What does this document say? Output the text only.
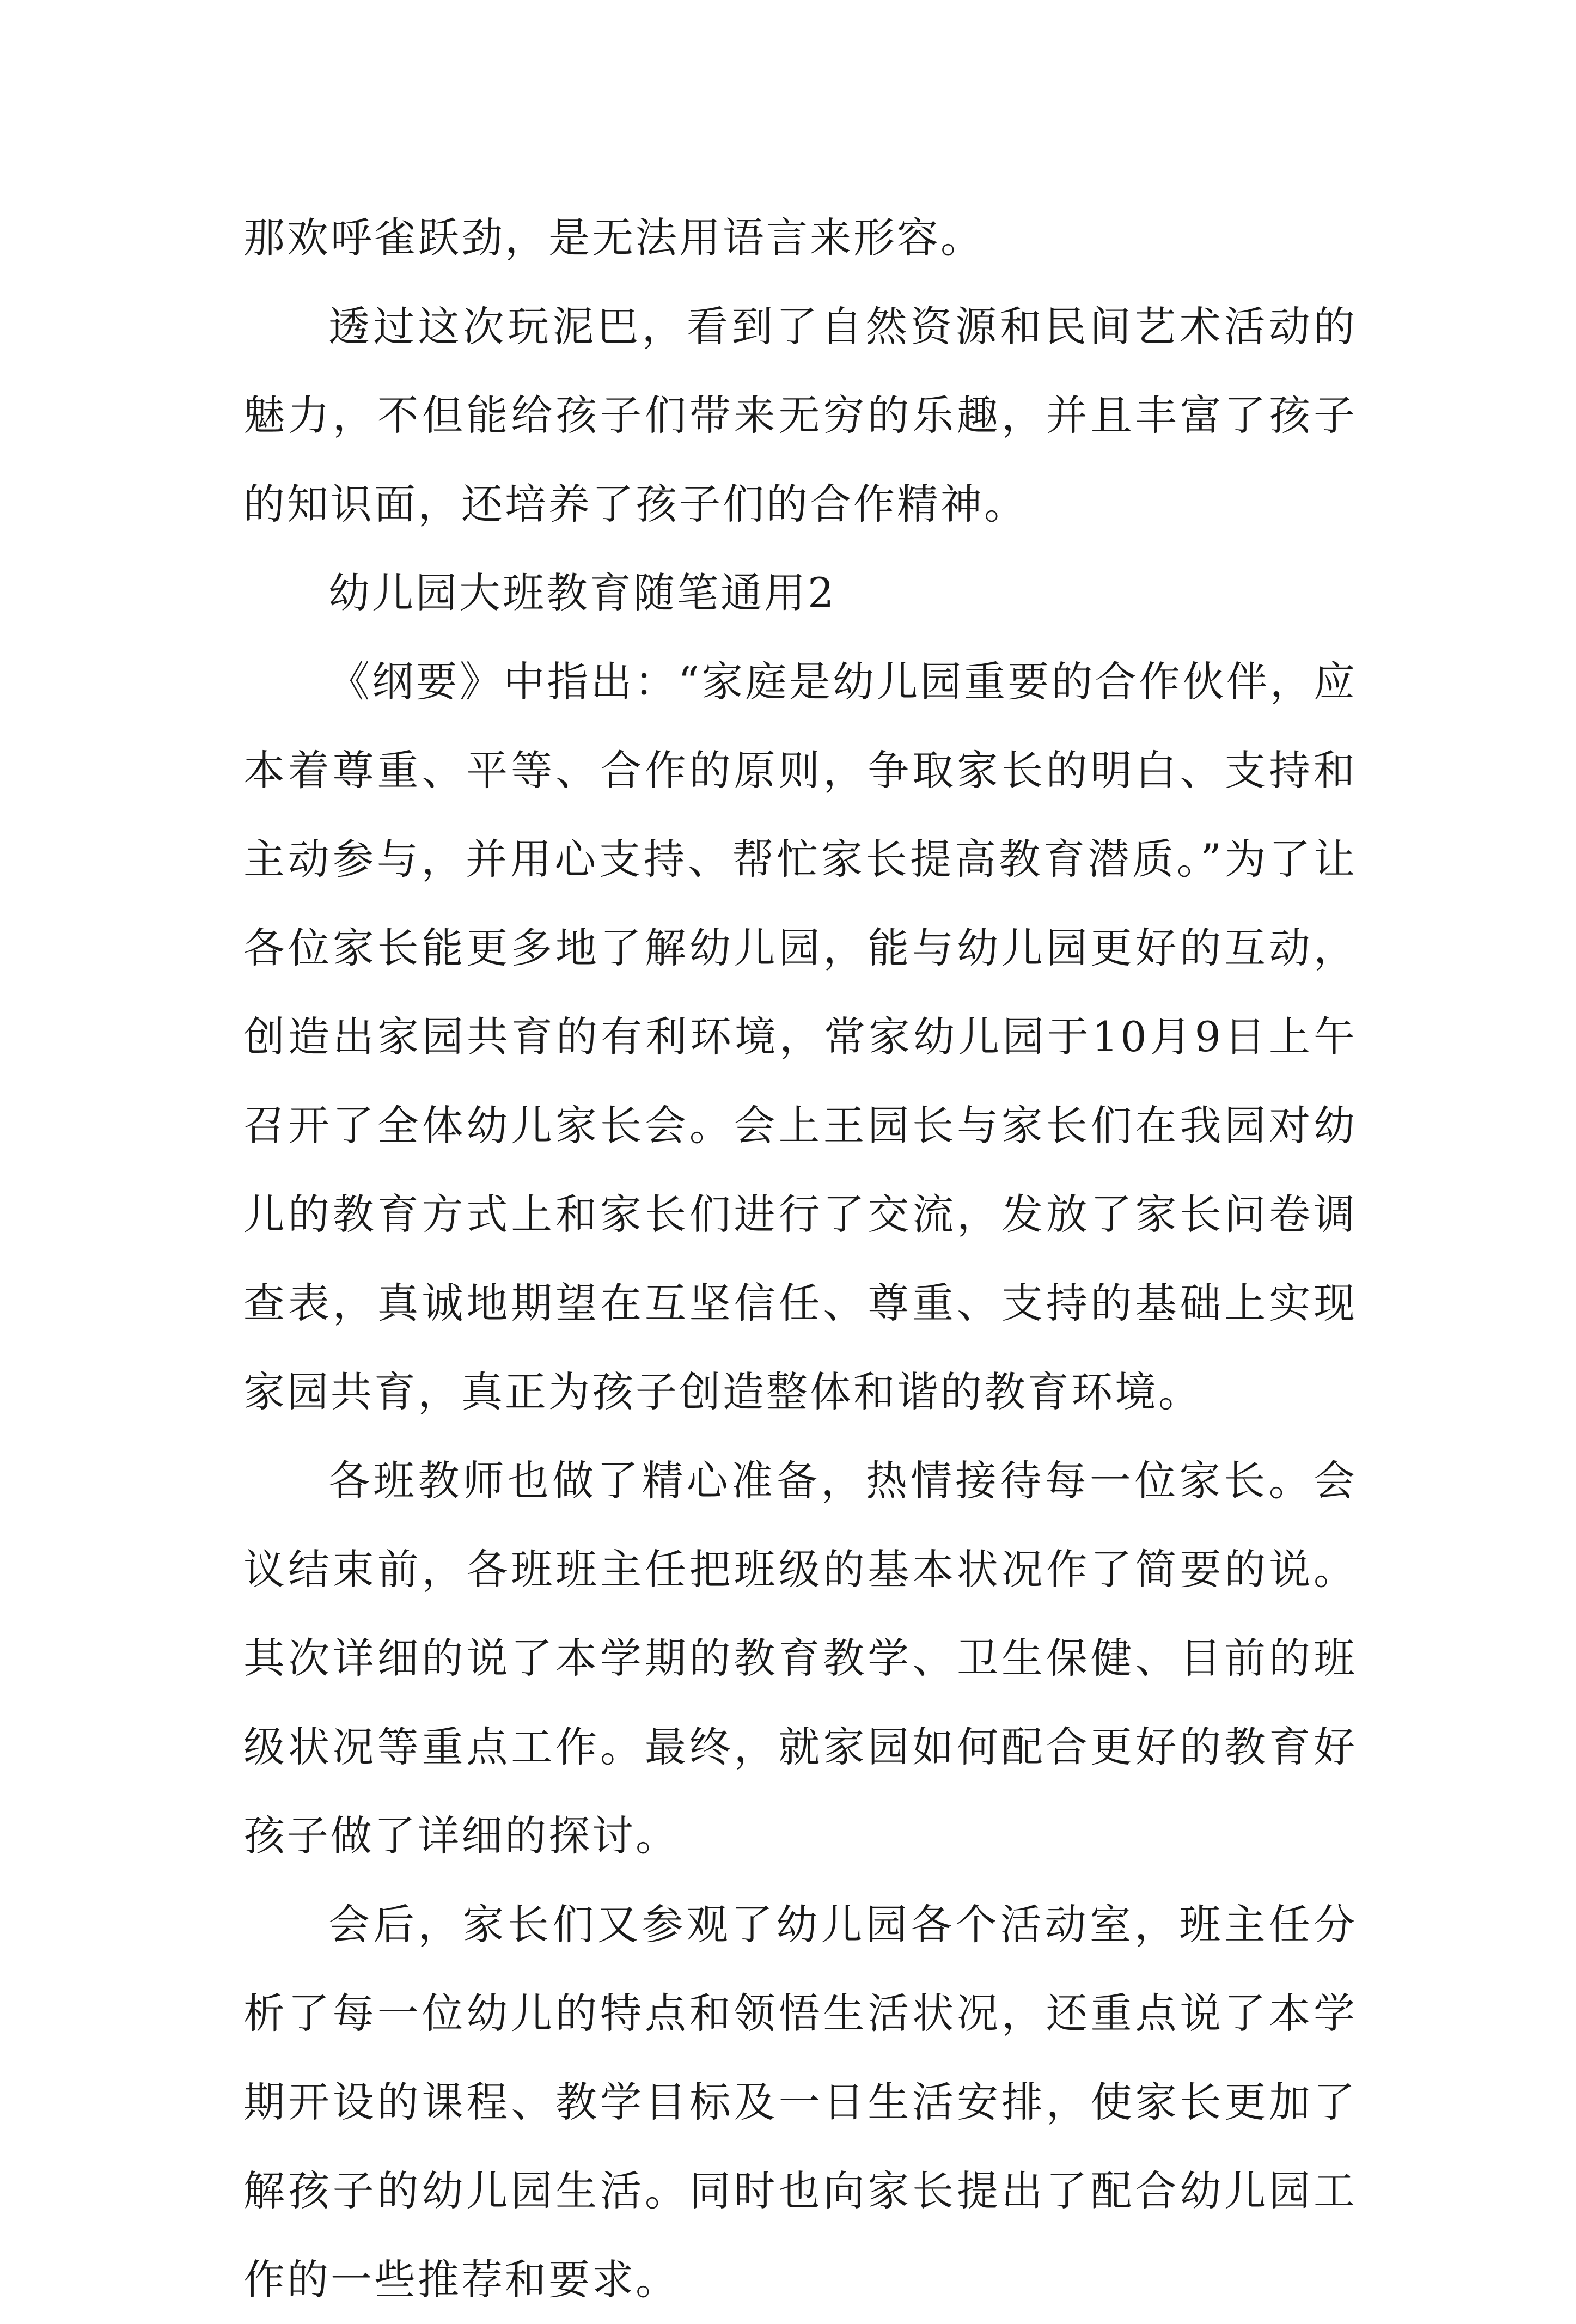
那欢呼雀跃劲，是无法用语言来形容。

透过这次玩泥巴，看到了自然资源和民间艺术活动的魅力，不但能给孩子们带来无穷的乐趣，并且丰富了孩子的知识面，还培养了孩子们的合作精神。

幼儿园大班教育随笔通用2

《纲要》中指出：“家庭是幼儿园重要的合作伙伴，应本着尊重、平等、合作的原则，争取家长的明白、支持和主动参与，并用心支持、帮忙家长提高教育潜质。”为了让各位家长能更多地了解幼儿园，能与幼儿园更好的互动，创造出家园共育的有利环境，常家幼儿园于10月9日上午召开了全体幼儿家长会。会上王园长与家长们在我园对幼儿的教育方式上和家长们进行了交流，发放了家长问卷调查表，真诚地期望在互坚信任、尊重、支持的基础上实现家园共育，真正为孩子创造整体和谐的教育环境。

各班教师也做了精心准备，热情接待每一位家长。会议结束前，各班班主任把班级的基本状况作了简要的说。其次详细的说了本学期的教育教学、卫生保健、目前的班级状况等重点工作。最终，就家园如何配合更好的教育好孩子做了详细的探讨。

会后，家长们又参观了幼儿园各个活动室，班主任分析了每一位幼儿的特点和领悟生活状况，还重点说了本学期开设的课程、教学目标及一日生活安排，使家长更加了解孩子的幼儿园生活。同时也向家长提出了配合幼儿园工作的一些推荐和要求。
